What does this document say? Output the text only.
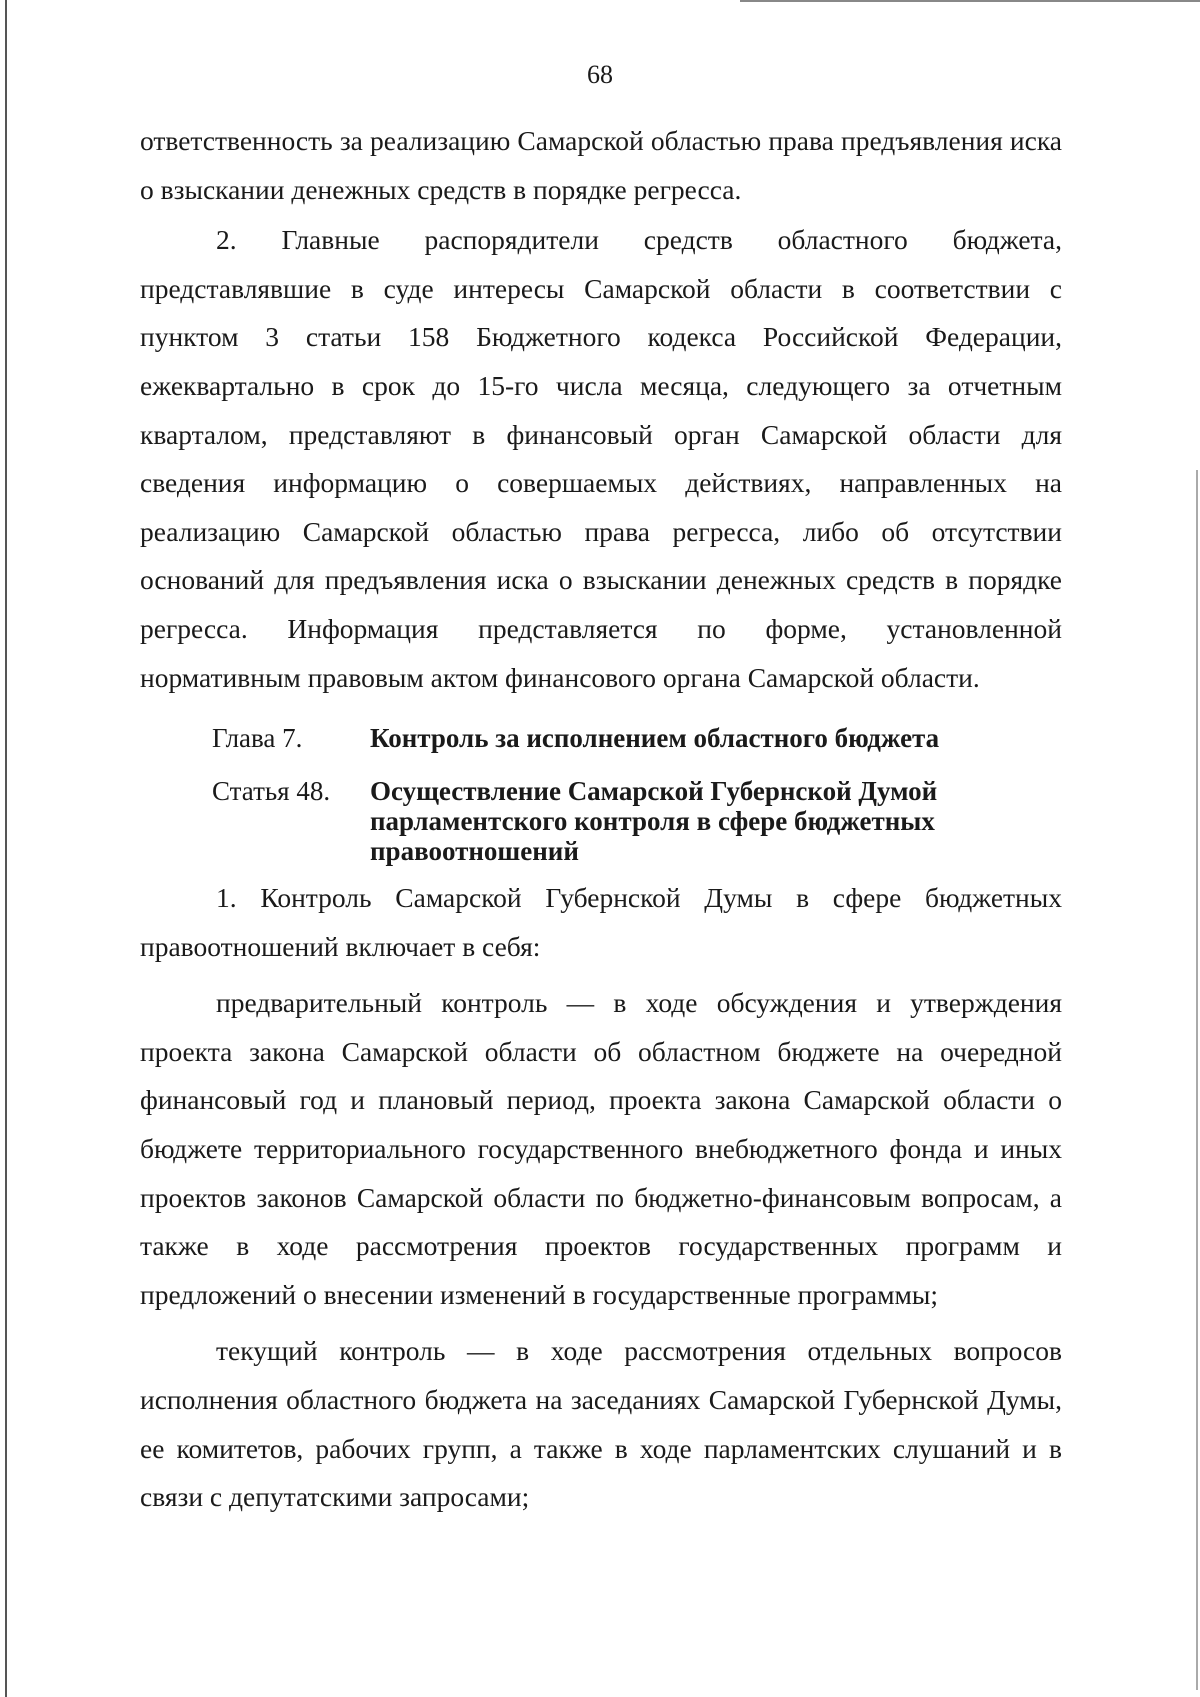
68

ответственность за реализацию Самарской областью права предъявления иска о взыскании денежных средств в порядке регресса.

2. Главные распорядители средств областного бюджета, представлявшие в суде интересы Самарской области в соответствии с пунктом 3 статьи 158 Бюджетного кодекса Российской Федерации, ежеквартально в срок до 15-го числа месяца, следующего за отчетным кварталом, представляют в финансовый орган Самарской области для сведения информацию о совершаемых действиях, направленных на реализацию Самарской областью права регресса, либо об отсутствии оснований для предъявления иска о взыскании денежных средств в порядке регресса. Информация представляется по форме, установленной нормативным правовым актом финансового органа Самарской области.

Глава 7.	Контроль за исполнением областного бюджета
Статья 48. Осуществление Самарской Губернской Думой парламентского контроля в сфере бюджетных правоотношений

1. Контроль Самарской Губернской Думы в сфере бюджетных правоотношений включает в себя:

предварительный контроль — в ходе обсуждения и утверждения проекта закона Самарской области об областном бюджете на очередной финансовый год и плановый период, проекта закона Самарской области о бюджете территориального государственного внебюджетного фонда и иных проектов законов Самарской области по бюджетно-финансовым вопросам, а также в ходе рассмотрения проектов государственных программ и предложений о внесении изменений в государственные программы;

текущий контроль — в ходе рассмотрения отдельных вопросов исполнения областного бюджета на заседаниях Самарской Губернской Думы, ее комитетов, рабочих групп, а также в ходе парламентских слушаний и в связи с депутатскими запросами;
